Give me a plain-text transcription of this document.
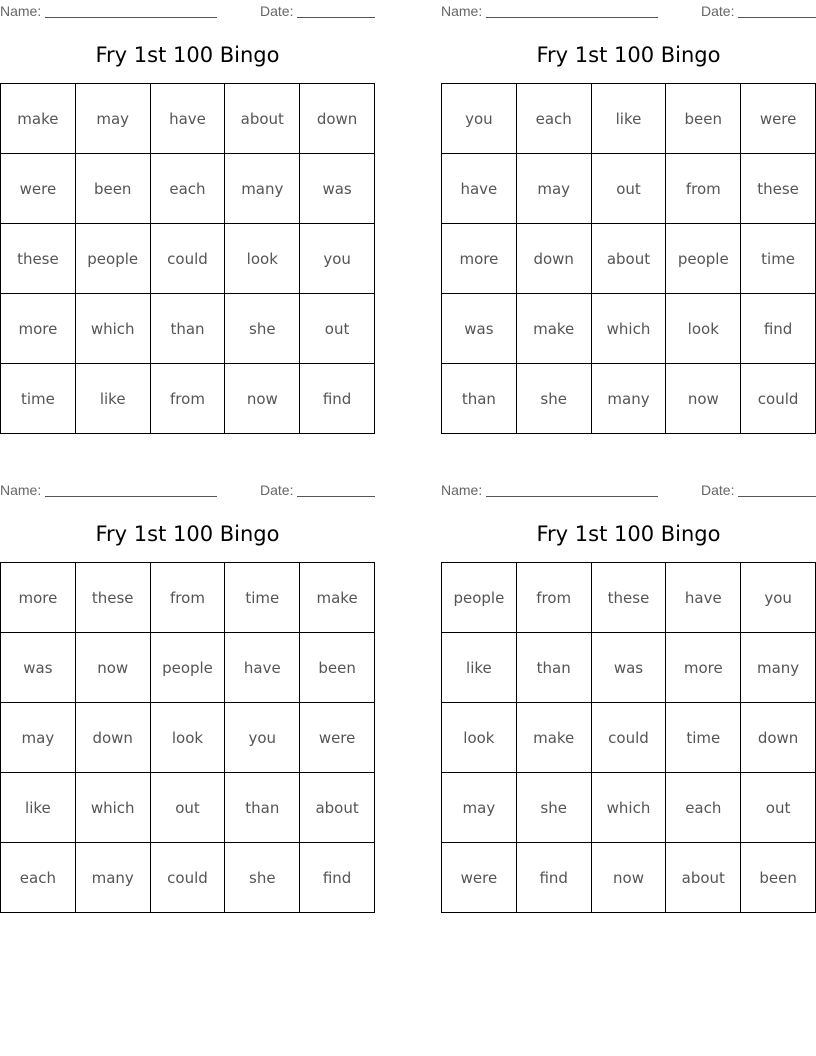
Name:	Date:
Fry 1st 100 Bingo
make	may	have	about	down
were	been	each	many	was
these	people	could	look	you
more	which	than	she	out
time	like	from	now	find
Name:	Date:
Fry 1st 100 Bingo
you	each	like	been	were
have	may	out	from	these
more	down	about	people	time
was	make	which	look	find
than	she	many	now	could
Name:	Date:
Fry 1st 100 Bingo
more	these	from	time	make
was	now	people	have	been
may	down	look	you	were
like	which	out	than	about
each	many	could	she	find
Name:	Date:
Fry 1st 100 Bingo
people	from	these	have	you
like	than	was	more	many
look	make	could	time	down
may	she	which	each	out
were	find	now	about	been
